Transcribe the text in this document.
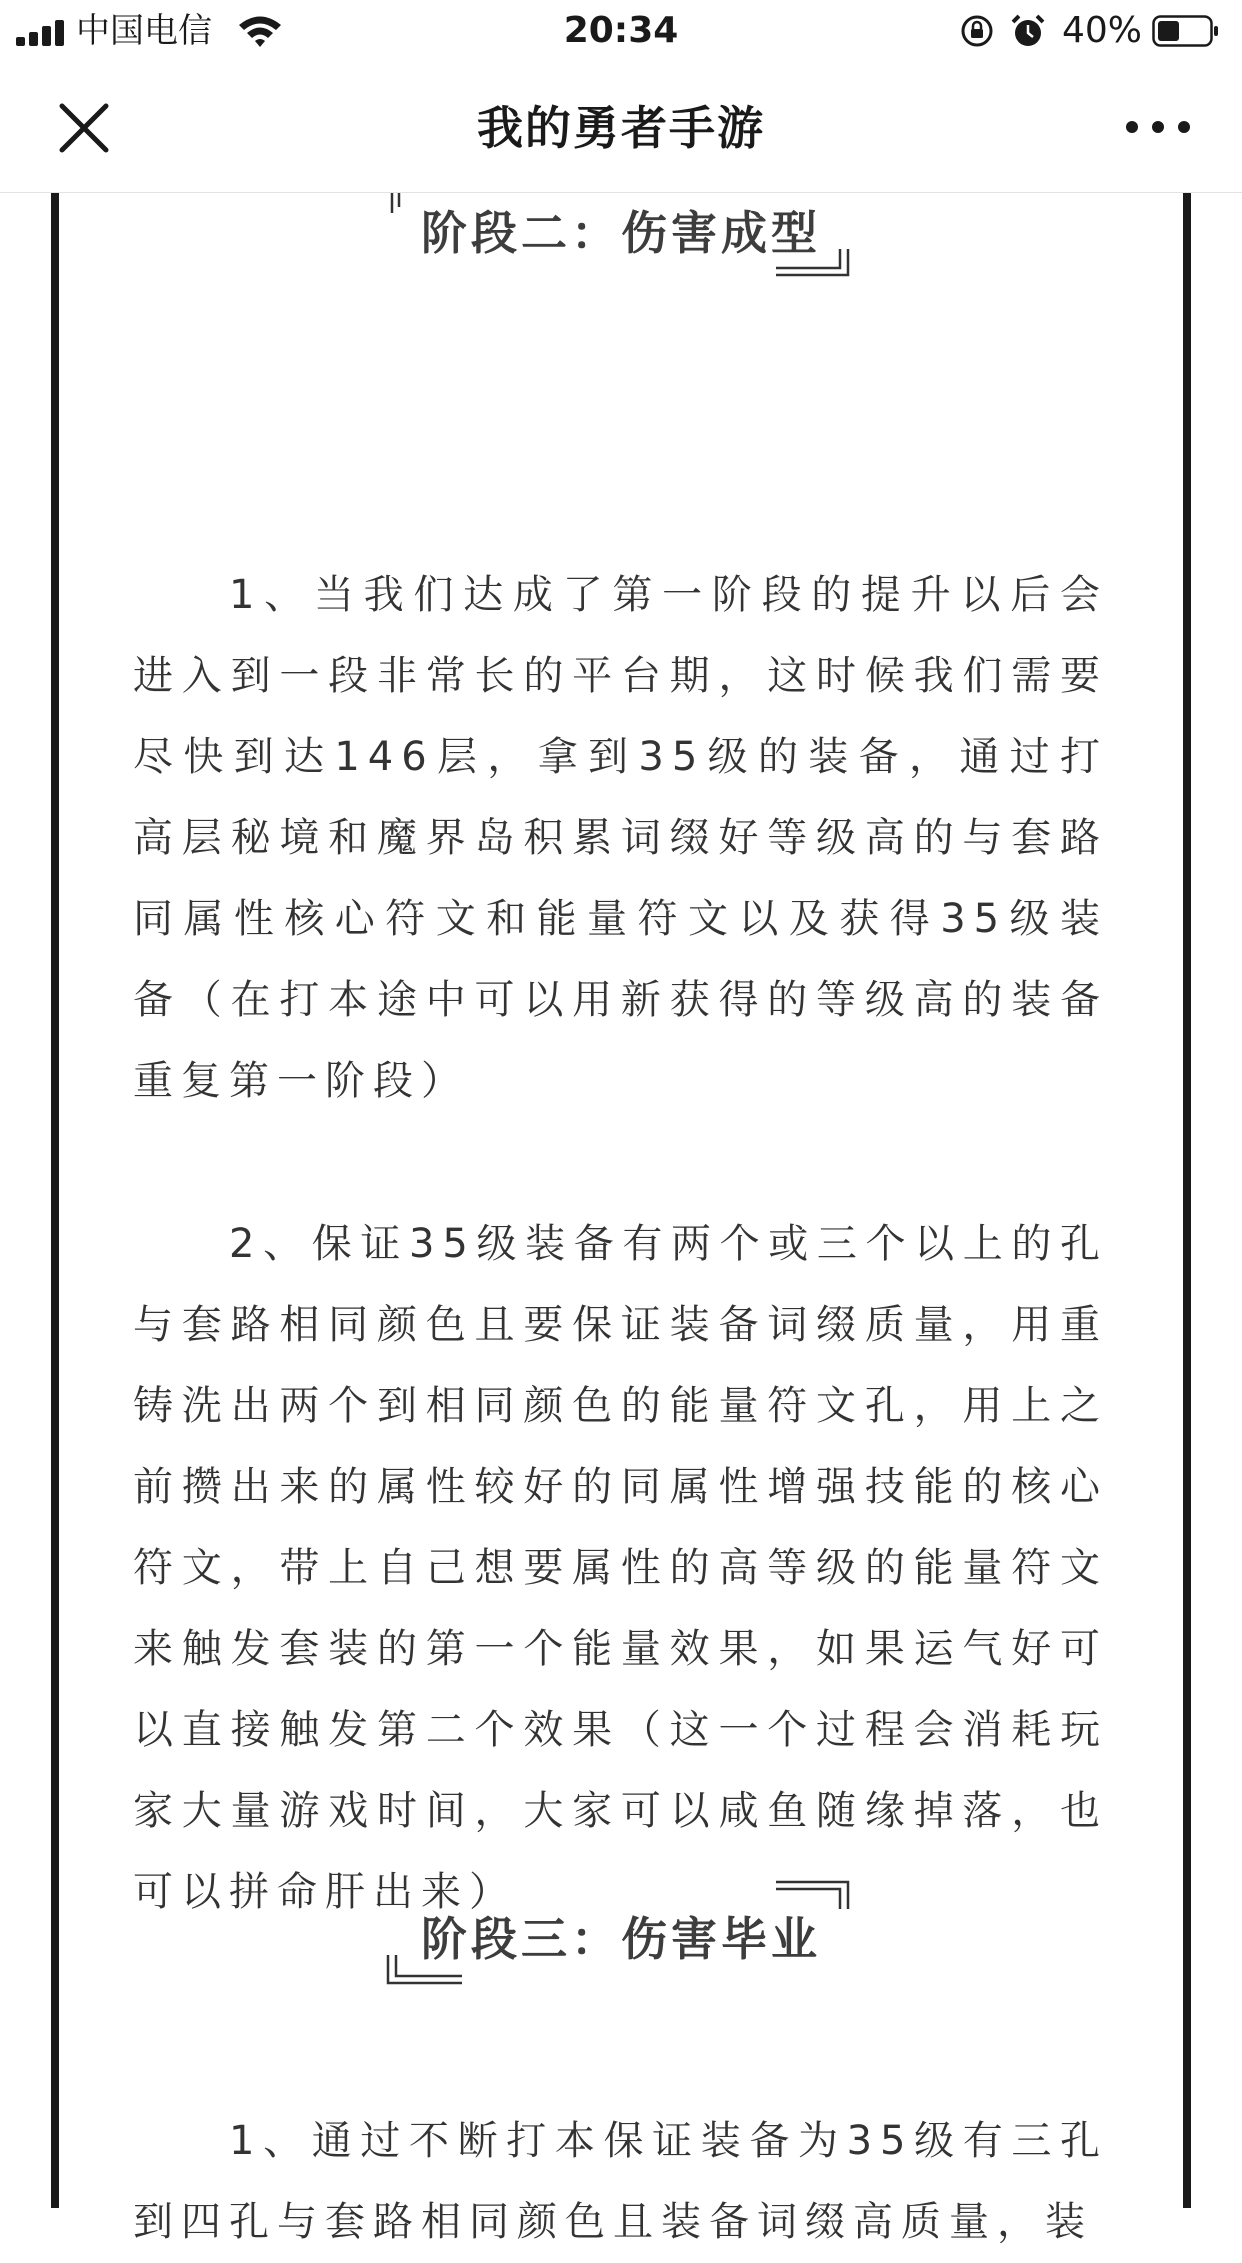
中国电信	20:34	40%
我的勇者手游
阶段二：伤害成型

1、当我们达成了第一阶段的提升以后会进入到一段非常长的平台期，这时候我们需要尽快到达146层，拿到35级的装备，通过打高层秘境和魔界岛积累词缀好等级高的与套路同属性核心符文和能量符文以及获得35级装备（在打本途中可以用新获得的等级高的装备重复第一阶段）

2、保证35级装备有两个或三个以上的孔与套路相同颜色且要保证装备词缀质量，用重铸洗出两个到相同颜色的能量符文孔，用上之前攒出来的属性较好的同属性增强技能的核心符文，带上自己想要属性的高等级的能量符文来触发套装的第一个能量效果，如果运气好可以直接触发第二个效果（这一个过程会消耗玩家大量游戏时间，大家可以咸鱼随缘掉落，也可以拼命肝出来）

阶段三：伤害毕业

1、通过不断打本保证装备为35级有三孔到四孔与套路相同颜色且装备词缀高质量，装
